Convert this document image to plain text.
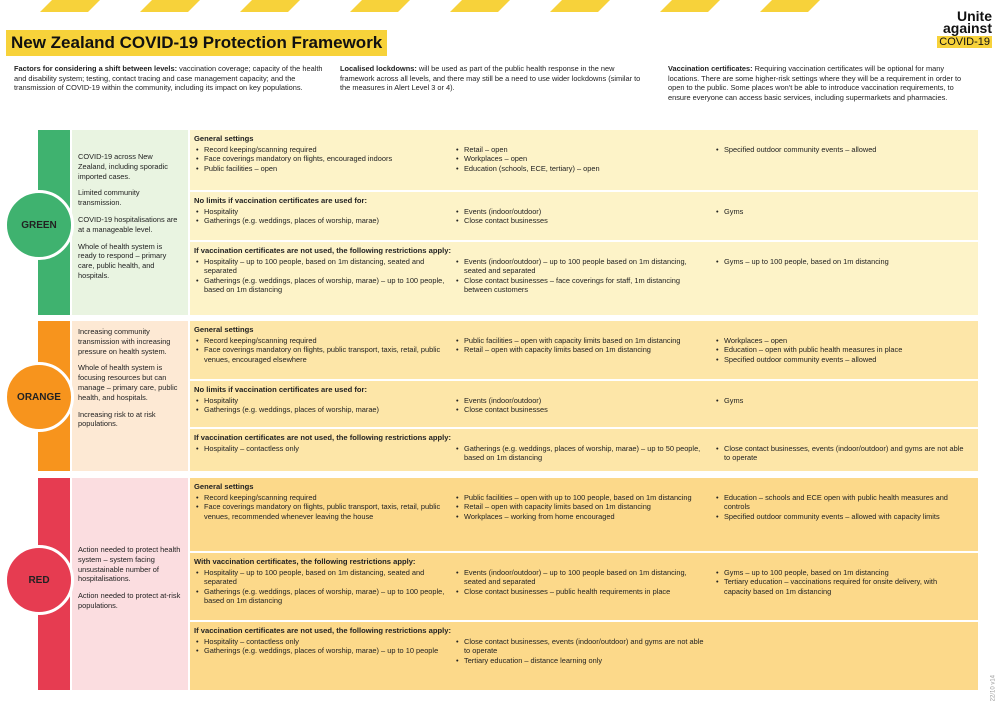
Unite
against
COVID-19
New Zealand COVID-19 Protection Framework
Factors for considering a shift between levels: vaccination coverage; capacity of the health and disability system; testing, contact tracing and case management capacity; and the transmission of COVID-19 within the community, including its impact on key populations.
Localised lockdowns: will be used as part of the public health response in the new framework across all levels, and there may still be a need to use wider lockdowns (similar to the measures in Alert Level 3 or 4).
Vaccination certificates: Requiring vaccination certificates will be optional for many locations. There are some higher-risk settings where they will be a requirement in order to open to the public. Some places won't be able to introduce vaccination requirements, to ensure everyone can access basic services, including supermarkets and pharmacies.

COVID-19 across New Zealand, including sporadic imported cases.

Limited community transmission.

COVID-19 hospitalisations are at a manageable level.

Whole of health system is ready to respond – primary care, public health, and hospitals.

GREEN
General settings
• Record keeping/scanning required
• Face coverings mandatory on flights, encouraged indoors
• Public facilities – open
• Retail – open
• Workplaces – open
• Education (schools, ECE, tertiary) – open
• Specified outdoor community events – allowed
No limits if vaccination certificates are used for:
• Hospitality
• Gatherings (e.g. weddings, places of worship, marae)
• Events (indoor/outdoor)
• Close contact businesses
• Gyms
If vaccination certificates are not used, the following restrictions apply:
• Hospitality – up to 100 people, based on 1m distancing, seated and separated
• Gatherings (e.g. weddings, places of worship, marae) – up to 100 people, based on 1m distancing
• Events (indoor/outdoor) – up to 100 people based on 1m distancing, seated and separated
• Close contact businesses – face coverings for staff, 1m distancing between customers
• Gyms – up to 100 people, based on 1m distancing

Increasing community transmission with increasing pressure on health system.

Whole of health system is focusing resources but can manage – primary care, public health, and hospitals.

Increasing risk to at risk populations.

ORANGE
General settings
• Record keeping/scanning required
• Face coverings mandatory on flights, public transport, taxis, retail, public venues, encouraged elsewhere
• Public facilities – open with capacity limits based on 1m distancing
• Retail – open with capacity limits based on 1m distancing
• Workplaces – open
• Education – open with public health measures in place
• Specified outdoor community events – allowed
No limits if vaccination certificates are used for:
• Hospitality
• Gatherings (e.g. weddings, places of worship, marae)
• Events (indoor/outdoor)
• Close contact businesses
• Gyms
If vaccination certificates are not used, the following restrictions apply:
• Hospitality – contactless only
•	Gatherings (e.g. weddings, places of worship, marae) – up to 50 people, based on 1m distancing
• Close contact businesses, events (indoor/outdoor) and gyms are not able to operate

Action needed to protect health system – system facing unsustainable number of hospitalisations.

Action needed to protect at-risk populations.

RED
General settings
• Record keeping/scanning required
• Face coverings mandatory on flights, public transport, taxis, retail, public venues, recommended whenever leaving the house
• Public facilities – open with up to 100 people, based on 1m distancing
• Retail – open with capacity limits based on 1m distancing
• Workplaces – working from home encouraged
• Education – schools and ECE open with public health measures and controls
• Specified outdoor community events – allowed with capacity limits
With vaccination certificates, the following restrictions apply:
• Hospitality – up to 100 people, based on 1m distancing, seated and separated
• Gatherings (e.g. weddings, places of worship, marae) – up to 100 people, based on 1m distancing
• Events (indoor/outdoor) – up to 100 people based on 1m distancing, seated and separated
• Close contact businesses – public health requirements in place
• Gyms – up to 100 people, based on 1m distancing
• Tertiary education – vaccinations required for onsite delivery, with capacity based on 1m distancing
If vaccination certificates are not used, the following restrictions apply:
• Hospitality – contactless only
• Gatherings (e.g. weddings, places of worship, marae) – up to 10 people
• Close contact businesses, events (indoor/outdoor) and gyms are not able to operate
• Tertiary education – distance learning only
22/10 v14
